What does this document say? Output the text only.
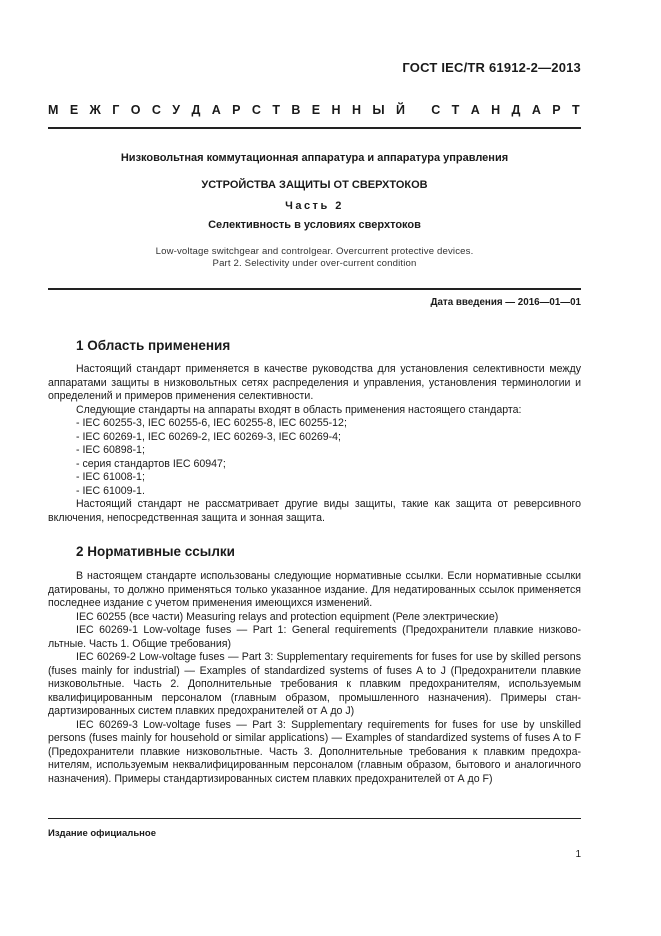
ГОСТ IEC/TR 61912-2—2013
М Е Ж Г О С У Д А Р С Т В Е Н Н Ы Й
С Т А Н Д А Р Т
Низковольтная коммутационная аппаратура и аппаратура управления
УСТРОЙСТВА ЗАЩИТЫ ОТ СВЕРХТОКОВ
Часть 2
Селективность в условиях сверхтоков
Low-voltage switchgear and controlgear. Overcurrent protective devices.
Part 2. Selectivity under over-current condition
Дата введения — 2016—01—01
1 Область применения

Настоящий стандарт применяется в качестве руководства для установления селективности между аппаратами защиты в низковольтных сетях распределения и управления, установления терминологии и определений и примеров применения селективности.

Следующие стандарты на аппараты входят в область применения настоящего стандарта:

- IEC 60255-3, IEC 60255-6, IEC 60255-8, IEC 60255-12;

- IEC 60269-1, IEC 60269-2, IEC 60269-3, IEC 60269-4;

- IEC 60898-1;

- серия стандартов IEC 60947;

- IEC 61008-1;

- IEC 61009-1.

Настоящий стандарт не рассматривает другие виды защиты, такие как защита от реверсивного включения, непосредственная защита и зонная защита.

2 Нормативные ссылки

В настоящем стандарте использованы следующие нормативные ссылки. Если нормативные ссылки датированы, то должно применяться только указанное издание. Для недатированных ссылок применяется последнее издание с учетом применения имеющихся изменений.

IEC 60255 (все части) Measuring relays and protection equipment (Реле электрические)

IEC 60269-1 Low-voltage fuses — Part 1: General requirements (Предохранители плавкие низковольтные. Часть 1. Общие требования)

IEC 60269-2 Low-voltage fuses — Part 3: Supplementary requirements for fuses for use by skilled persons (fuses mainly for industrial) — Examples of standardized systems of fuses A to J (Предохранители плавкие низковольтные. Часть 2. Дополнительные требования к плавким предохранителям, используемым квалифицированным персоналом (главным образом, промышленного назначения). Примеры стандартизированных систем плавких предохранителей от А до J)

IEC 60269-3 Low-voltage fuses — Part 3: Supplementary requirements for fuses for use by unskilled persons (fuses mainly for household or similar applications) — Examples of standardized systems of fuses A to F (Предохранители плавкие низковольтные. Часть 3. Дополнительные требования к плавким предохранителям, используемым неквалифицированным персоналом (главным образом, бытового и аналогичного назначения). Примеры стандартизированных систем плавких предохранителей от А до F)

Издание официальное
1
